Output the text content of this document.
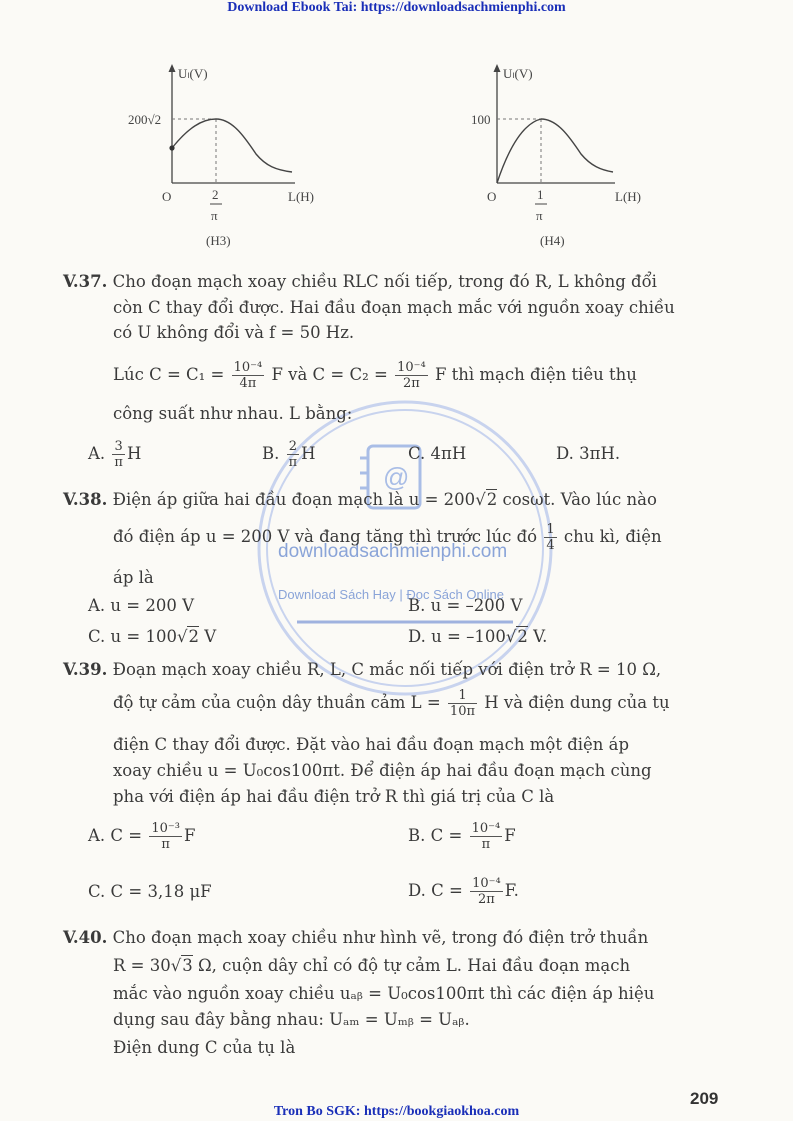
Download Ebook Tai: https://downloadsachmienphi.com
Tron Bo SGK: https://bookgiaokhoa.com
209
Uₗ(V)
200√2
O	2
π
L(H)
(H3)
Uₗ(V)
100
O	1
π
L(H)
(H4)
@
downloadsachmienphi.com
Download Sách Hay | Đọc Sách Online
V.37. Cho đoạn mạch xoay chiều RLC nối tiếp, trong đó R, L không đổi
còn C thay đổi được. Hai đầu đoạn mạch mắc với nguồn xoay chiều
có U không đổi và f = 50 Hz.
Lúc $C = C_1 = \frac{\text{10⁻⁴}}{4\pi}$ F và $C = C_2 = \frac{\text{10⁻⁴}}{2\pi}$ F thì mạch điện tiêu thụ
công suất như nhau. L bằng:
A. $\frac{3}{\pi}$ H	B. $\frac{2}{\pi}$ H	C. 4πH	D. 3πH.
V.38. Điện áp giữa hai đầu đoạn mạch là u = 200√2 cosωt. Vào lúc nào
đó điện áp u = 200 V và đang tăng thì trước lúc đó $\frac{1}{4}$ chu kì, điện
áp là
A. u = 200 V	B. u = –200 V
C. u = 100√2 V	D. u = –100√2 V.
V.39. Đoạn mạch xoay chiều R, L, C mắc nối tiếp với điện trở R = 10 Ω,
độ tự cảm của cuộn dây thuần cảm $L = \frac{1}{10\pi}$ H và điện dung của tụ
điện C thay đổi được. Đặt vào hai đầu đoạn mạch một điện áp
xoay chiều u = U₀cos100πt. Để điện áp hai đầu đoạn mạch cùng
pha với điện áp hai đầu điện trở R thì giá trị của C là
A. $C = \frac{\text{10⁻³}}{\pi}$ F	B. $C = \frac{\text{10⁻⁴}}{\pi}$ F
C. C = 3,18 μF	D. $C = \frac{\text{10⁻⁴}}{2\pi} F$.
V.40. Cho đoạn mạch xoay chiều như hình vẽ, trong đó điện trở thuần
R = 30√3 Ω, cuộn dây chỉ có độ tự cảm L. Hai đầu đoạn mạch
mắc vào nguồn xoay chiều uₐᵦ = U₀cos100πt thì các điện áp hiệu
dụng sau đây bằng nhau: Uₐₘ = Uₘᵦ = Uₐᵦ.
Điện dung C của tụ là
